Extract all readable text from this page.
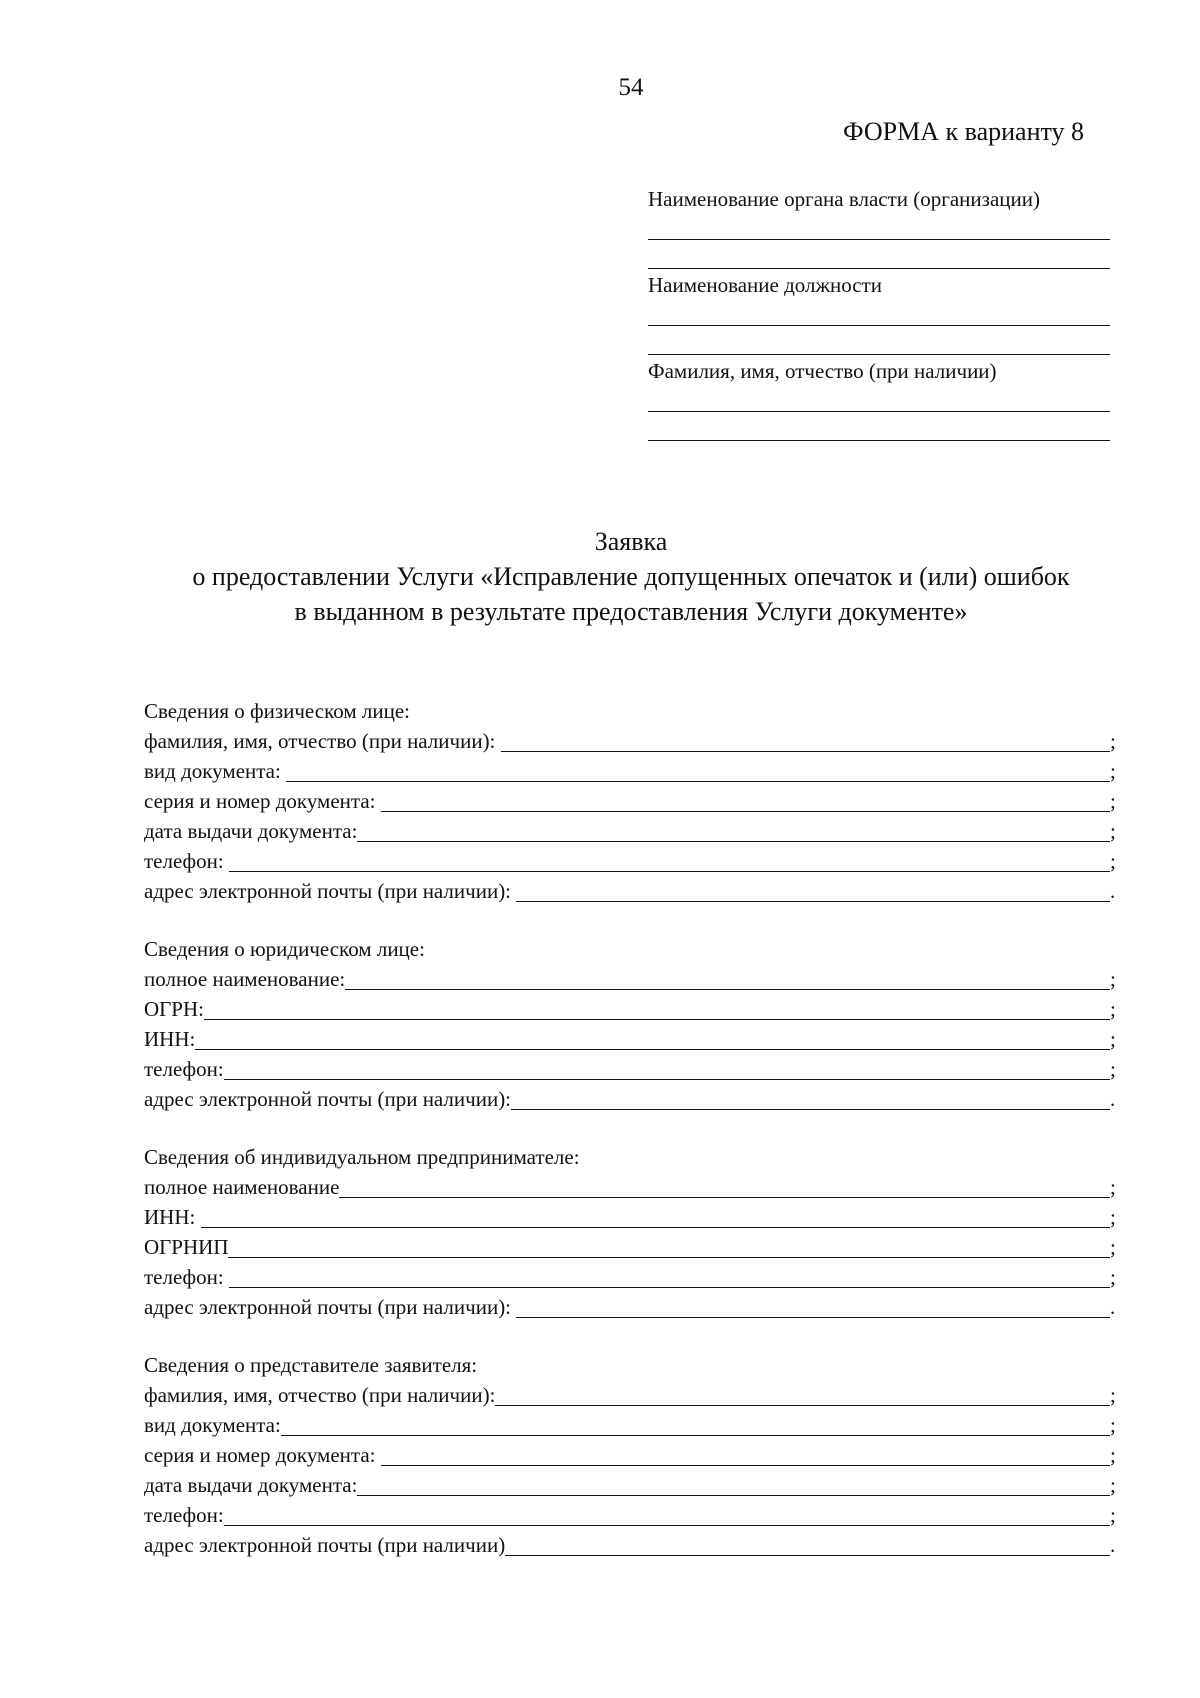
54
ФОРМА к варианту 8
Наименование органа власти (организации)
Наименование должности
Фамилия, имя, отчество (при наличии)
Заявка
о предоставлении Услуги «Исправление допущенных опечаток и (или) ошибок
в выданном в результате предоставления Услуги документе»
Сведения о физическом лице:
фамилия, имя, отчество (при наличии):	;
вид документа:	;
серия и номер документа:	;
дата выдачи документа:	;
телефон:	;
адрес электронной почты (при наличии):	.
Сведения о юридическом лице:
полное наименование:	;
ОГРН:	;
ИНН:	;
телефон:	;
адрес электронной почты (при наличии):	.
Сведения об индивидуальном предпринимателе:
полное наименование	;
ИНН:	;
ОГРНИП	;
телефон:	;
адрес электронной почты (при наличии):	.
Сведения о представителе заявителя:
фамилия, имя, отчество (при наличии):	;
вид документа:	;
серия и номер документа:	;
дата выдачи документа:	;
телефон:	;
адрес электронной почты (при наличии)	.
